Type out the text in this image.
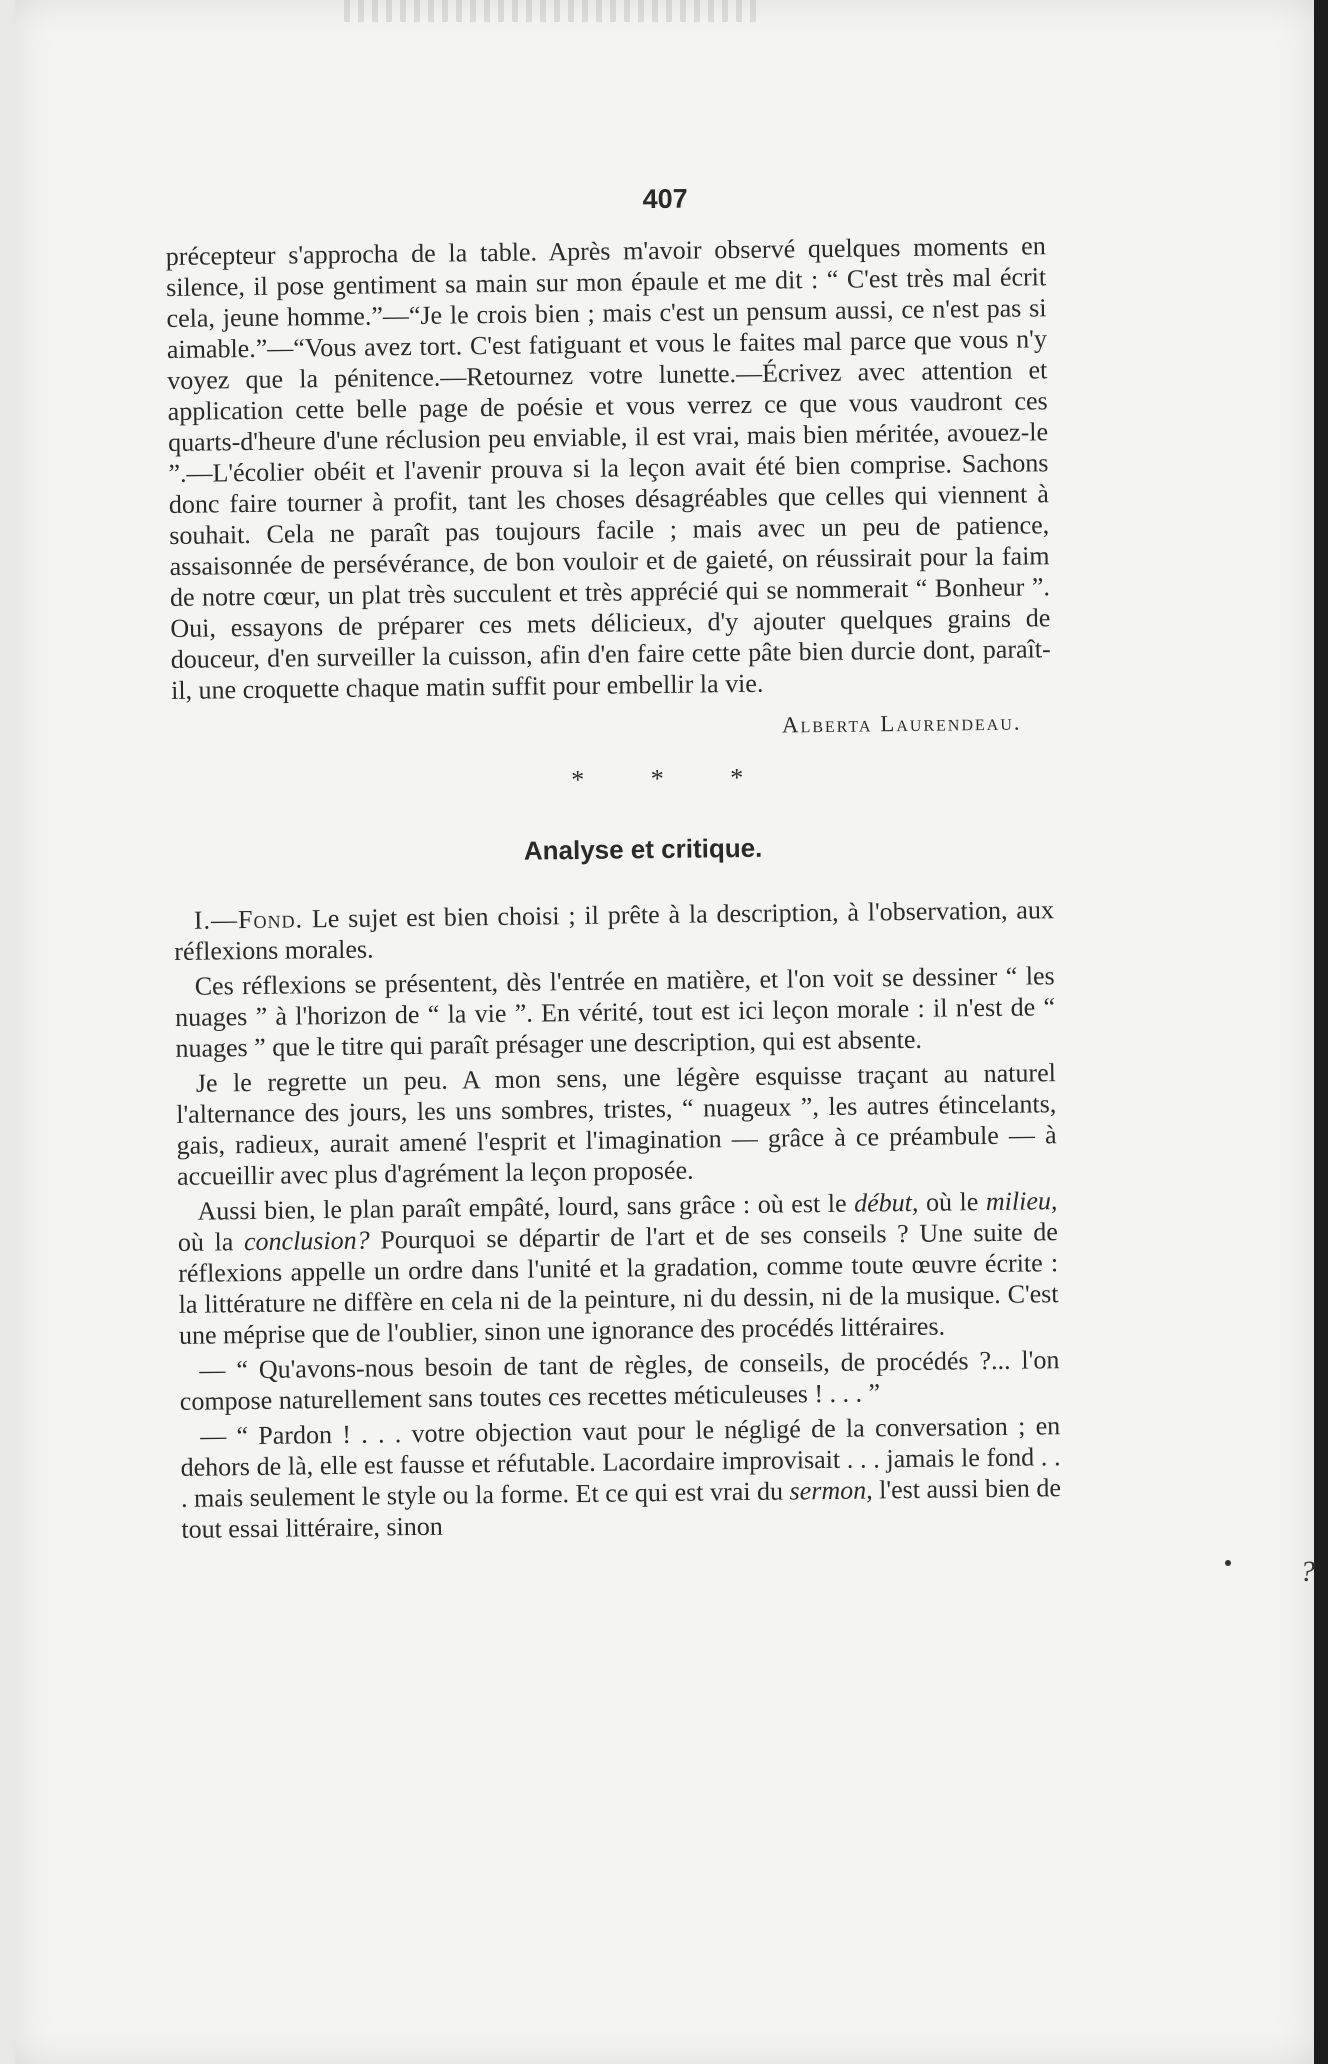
407

précepteur s'approcha de la table. Après m'avoir observé quelques moments en silence, il pose gentiment sa main sur mon épaule et me dit : “ C'est très mal écrit cela, jeune homme.”—“Je le crois bien ; mais c'est un pensum aussi, ce n'est pas si aimable.”—“Vous avez tort. C'est fatiguant et vous le faites mal parce que vous n'y voyez que la pénitence.—Retournez votre lunette.—Écrivez avec attention et application cette belle page de poésie et vous verrez ce que vous vaudront ces quarts-d'heure d'une réclusion peu enviable, il est vrai, mais bien méritée, avouez-le ”.—L'écolier obéit et l'avenir prouva si la leçon avait été bien comprise. Sachons donc faire tourner à profit, tant les choses désagréables que celles qui viennent à souhait. Cela ne paraît pas toujours facile ; mais avec un peu de patience, assaisonnée de persévérance, de bon vouloir et de gaieté, on réussirait pour la faim de notre cœur, un plat très succulent et très apprécié qui se nommerait “ Bonheur ”. Oui, essayons de préparer ces mets délicieux, d'y ajouter quelques grains de douceur, d'en surveiller la cuisson, afin d'en faire cette pâte bien durcie dont, paraît-il, une croquette chaque matin suffit pour embellir la vie.

Alberta Laurendeau.
* * *
Analyse et critique.

I.—Fond. Le sujet est bien choisi ; il prête à la description, à l'observation, aux réflexions morales.

Ces réflexions se présentent, dès l'entrée en matière, et l'on voit se dessiner “ les nuages ” à l'horizon de “ la vie ”. En vérité, tout est ici leçon morale : il n'est de “ nuages ” que le titre qui paraît présager une description, qui est absente.

Je le regrette un peu. A mon sens, une légère esquisse traçant au naturel l'alternance des jours, les uns sombres, tristes, “ nuageux ”, les autres étincelants, gais, radieux, aurait amené l'esprit et l'imagination — grâce à ce préambule — à accueillir avec plus d'agrément la leçon proposée.

Aussi bien, le plan paraît empâté, lourd, sans grâce : où est le début, où le milieu, où la conclusion? Pourquoi se départir de l'art et de ses conseils ? Une suite de réflexions appelle un ordre dans l'unité et la gradation, comme toute œuvre écrite : la littérature ne diffère en cela ni de la peinture, ni du dessin, ni de la musique. C'est une méprise que de l'oublier, sinon une ignorance des procédés littéraires.

— “ Qu'avons-nous besoin de tant de règles, de conseils, de procédés ?... l'on compose naturellement sans toutes ces recettes méticuleuses ! . . . ”

— “ Pardon ! . . . votre objection vaut pour le négligé de la conversation ; en dehors de là, elle est fausse et réfutable. Lacordaire improvisait . . . jamais le fond . . . mais seulement le style ou la forme. Et ce qui est vrai du sermon, l'est aussi bien de tout essai littéraire, sinon

?
